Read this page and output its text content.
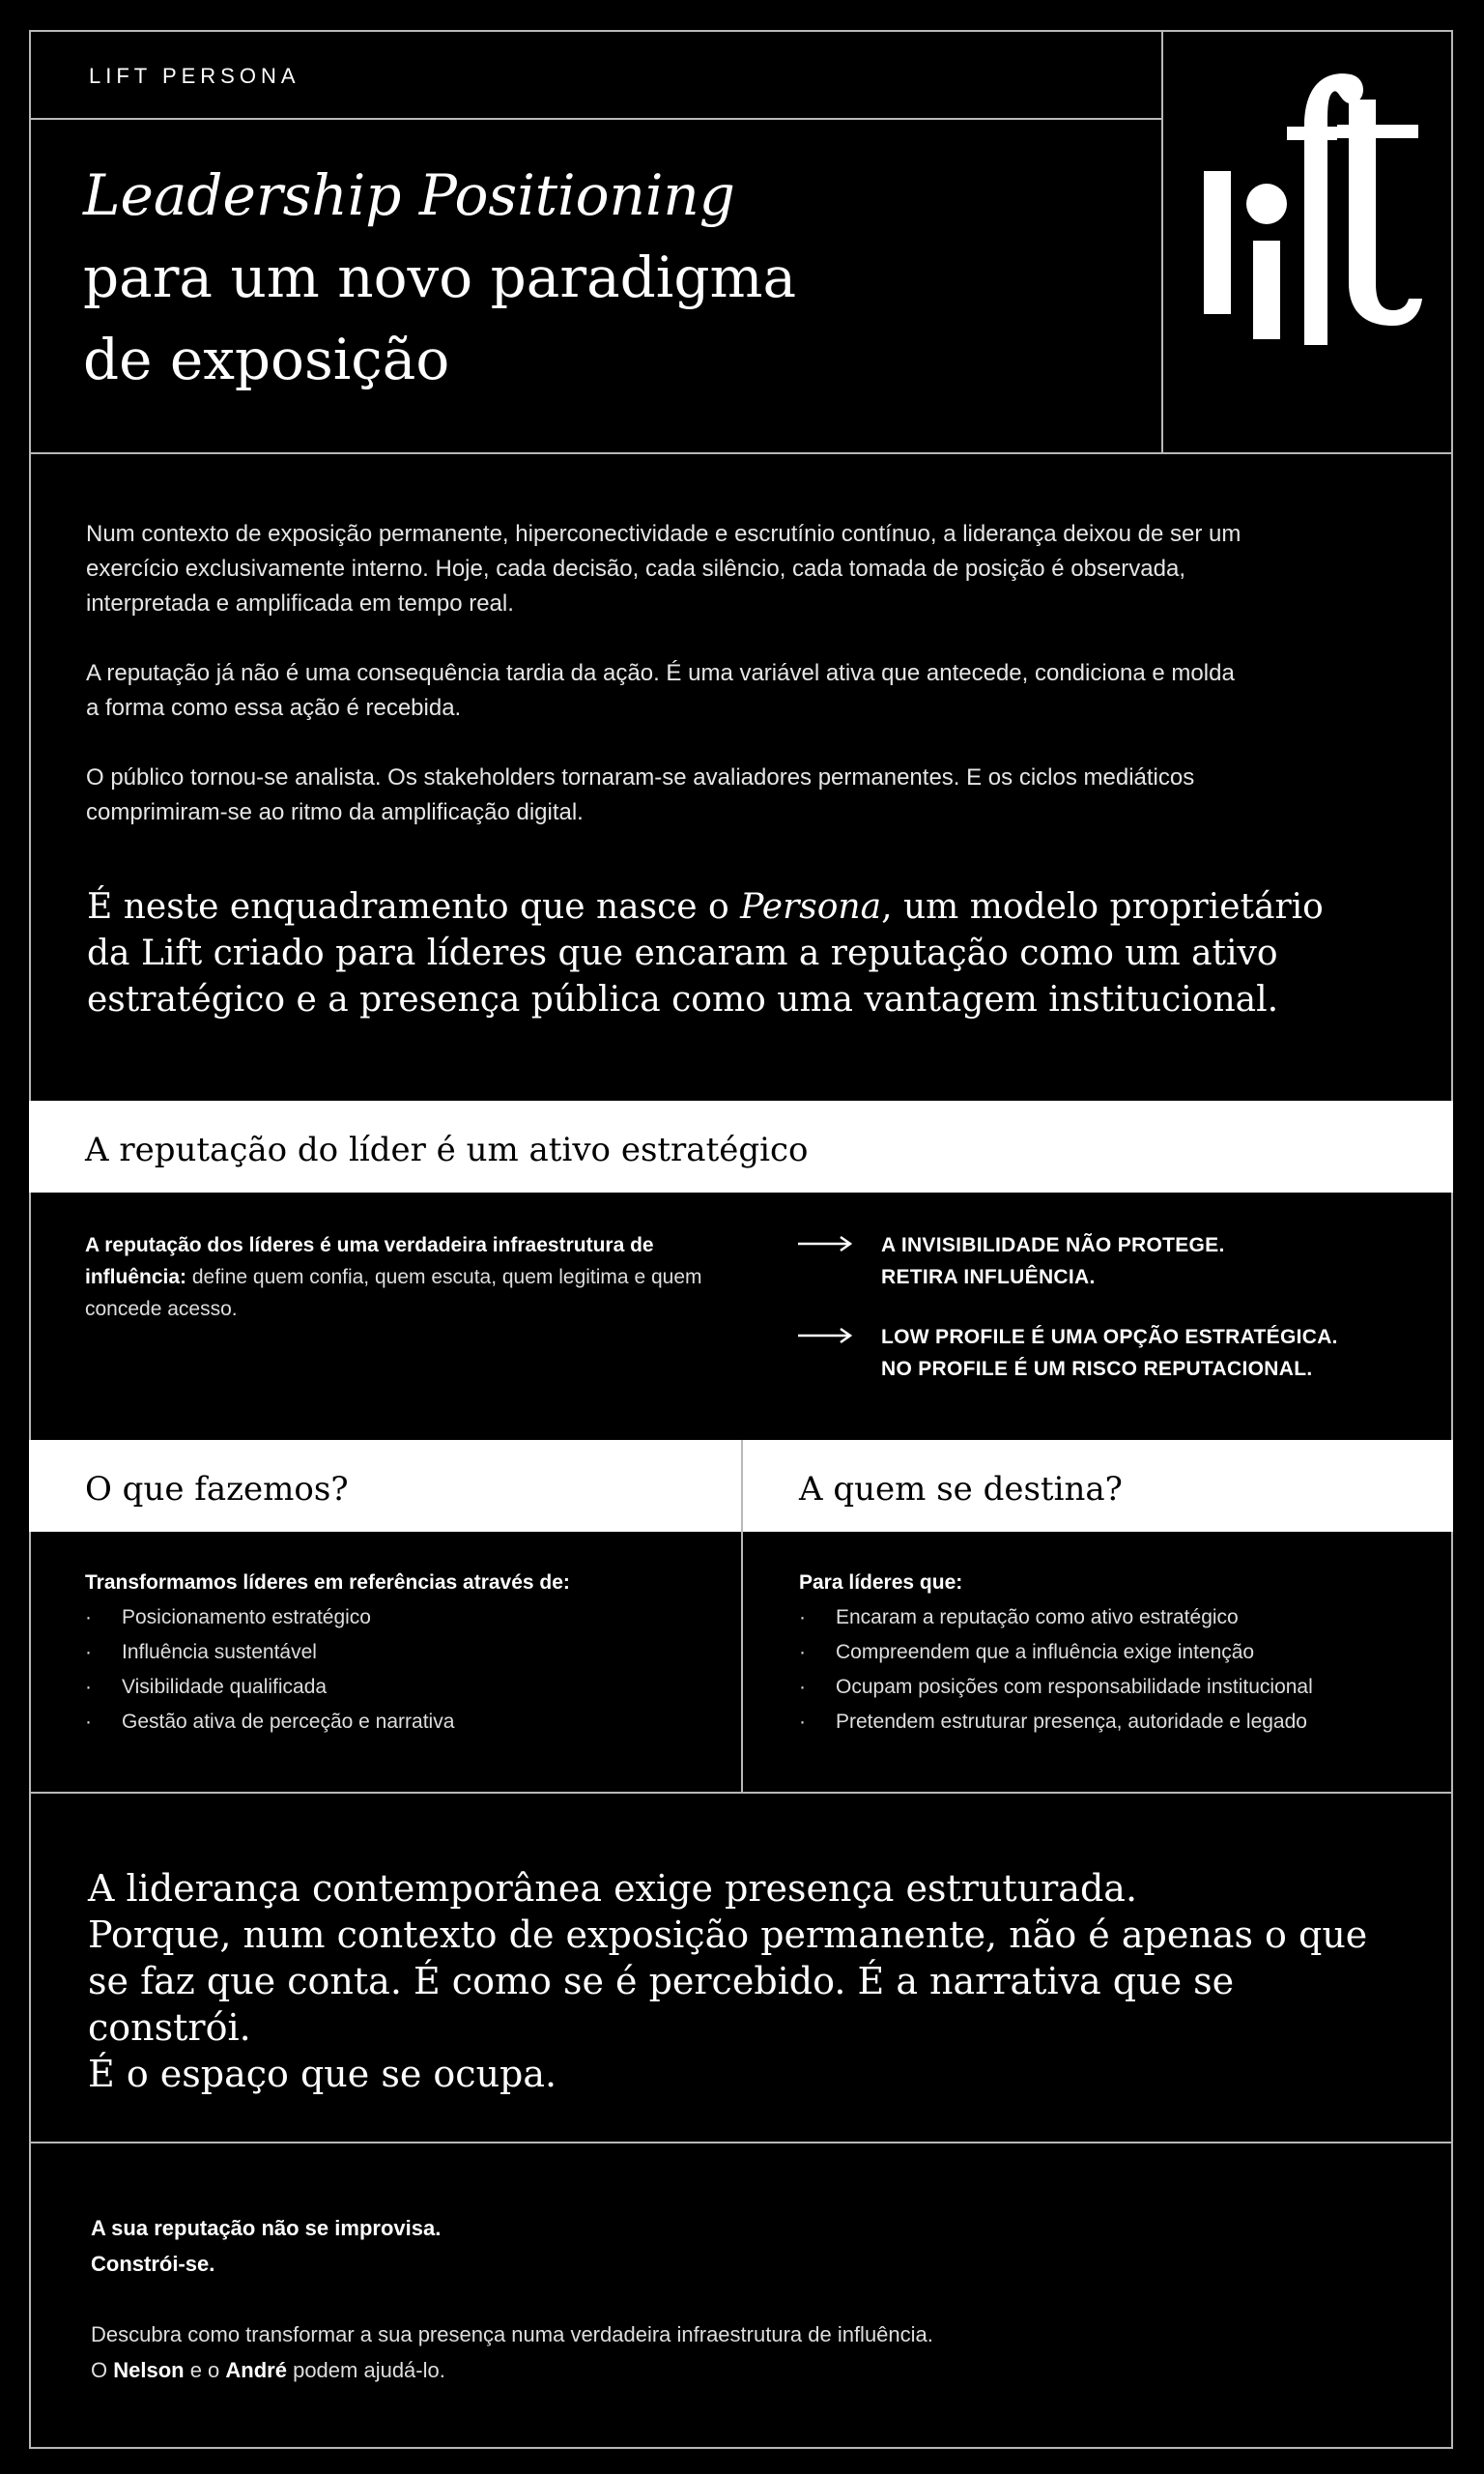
LIFT PERSONA
Leadership Positioning
para um novo paradigma
de exposição

Num contexto de exposição permanente, hiperconectividade e escrutínio contínuo, a liderança deixou de ser um exercício exclusivamente interno. Hoje, cada decisão, cada silêncio, cada tomada de posição é observada, interpretada e amplificada em tempo real.

A reputação já não é uma consequência tardia da ação. É uma variável ativa que antecede, condiciona e molda a forma como essa ação é recebida.

O público tornou-se analista. Os stakeholders tornaram-se avaliadores permanentes. E os ciclos mediáticos comprimiram-se ao ritmo da amplificação digital.

É neste enquadramento que nasce o Persona, um modelo proprietário da Lift criado para líderes que encaram a reputação como um ativo estratégico e a presença pública como uma vantagem institucional.
A reputação do líder é um ativo estratégico
A reputação dos líderes é uma verdadeira infraestrutura de influência: define quem confia, quem escuta, quem legitima e quem concede acesso.
A INVISIBILIDADE NÃO PROTEGE.
RETIRA INFLUÊNCIA.
LOW PROFILE É UMA OPÇÃO ESTRATÉGICA.
NO PROFILE É UM RISCO REPUTACIONAL.
O que fazemos?	A quem se destina?
Transformamos líderes em referências através de:
· Posicionamento estratégico
· Influência sustentável
· Visibilidade qualificada
· Gestão ativa de perceção e narrativa
Para líderes que:
· Encaram a reputação como ativo estratégico
· Compreendem que a influência exige intenção
· Ocupam posições com responsabilidade institucional
· Pretendem estruturar presença, autoridade e legado

A liderança contemporânea exige presença estruturada.

Porque, num contexto de exposição permanente, não é apenas o que se faz que conta. É como se é percebido. É a narrativa que se constrói.

É o espaço que se ocupa.

A sua reputação não se improvisa.

Constrói-se.

Descubra como transformar a sua presença numa verdadeira infraestrutura de influência.

O Nelson e o André podem ajudá-lo.
